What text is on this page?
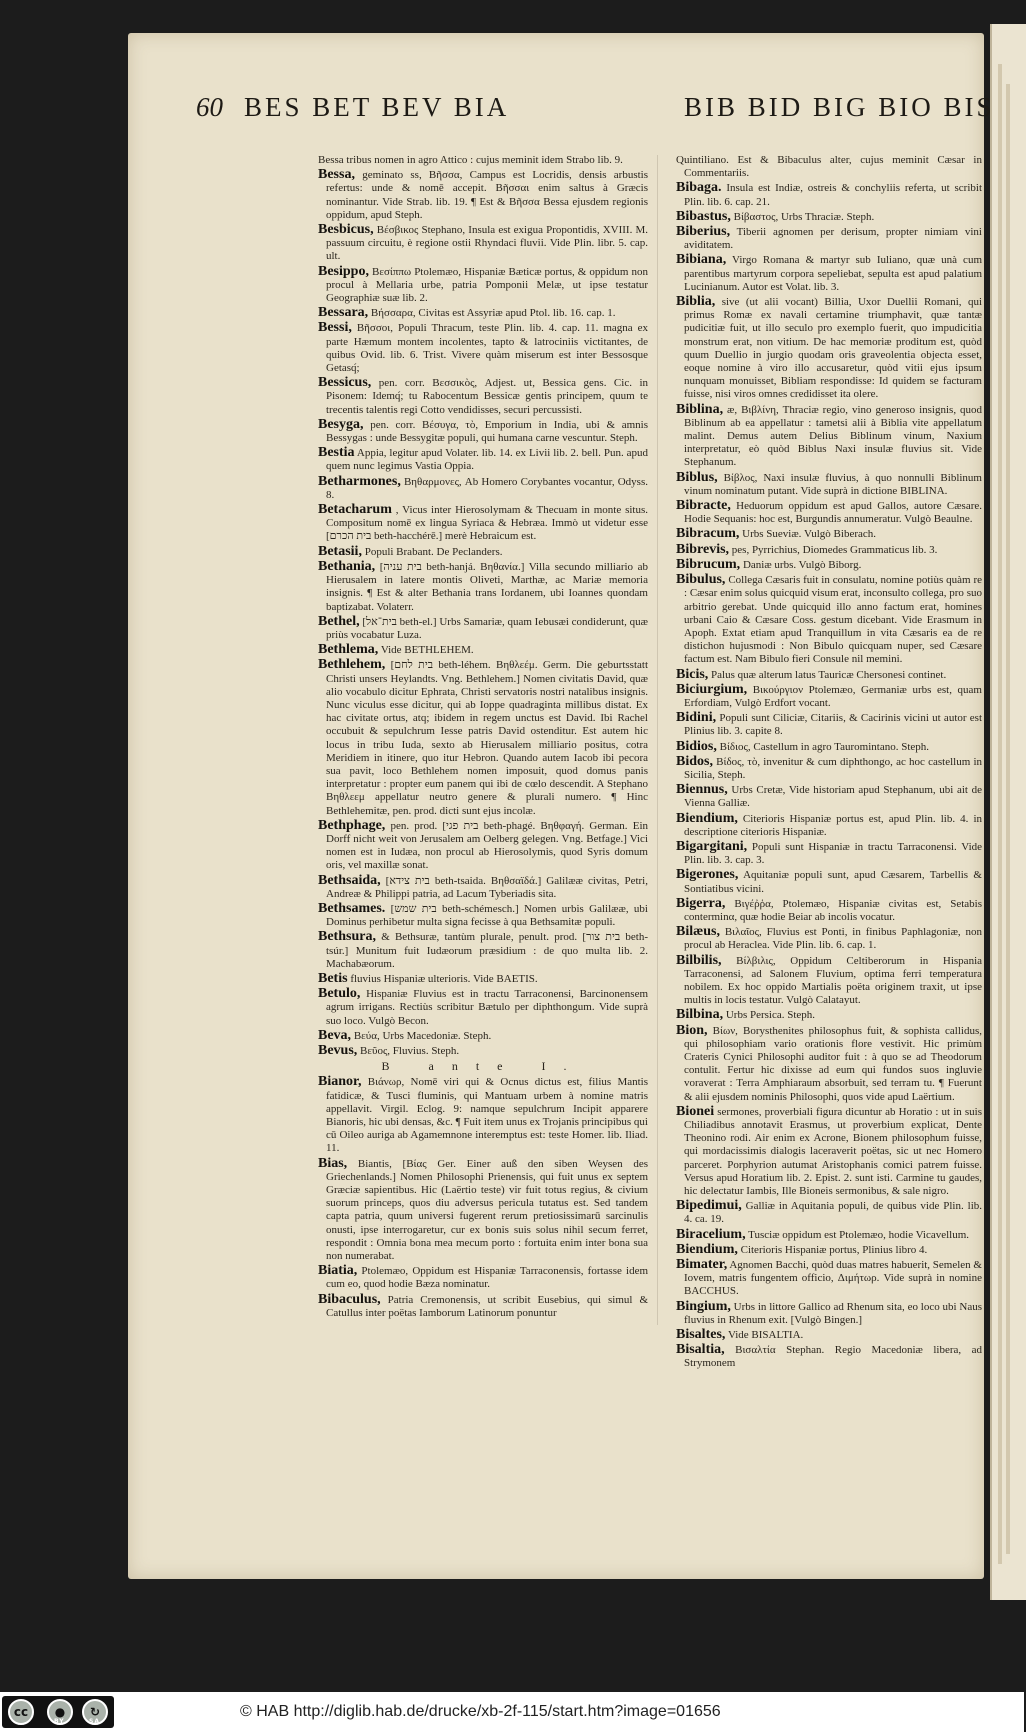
60 BES BET BEV BIA	BIB BID BIG BIO BIS

Bessa tribus nomen in agro Attico : cujus meminit idem Strabo lib. 9.

Bessa, geminato ss, Βῆσσα, Campus est Locridis, densis arbustis refertus: unde & nomē accepit. Βῆσσαι enim saltus à Græcis nominantur. Vide Strab. lib. 19. ¶ Est & Βῆσσα Bessa ejusdem regionis oppidum, apud Steph.

Besbicus, Βέσβικος Stephano, Insula est exigua Propontidis, XVIII. M. passuum circuitu, è regione ostii Rhyndaci fluvii. Vide Plin. libr. 5. cap. ult.

Besippo, Βεσίππω Ptolemæo, Hispaniæ Bæticæ portus, & oppidum non procul à Mellaria urbe, patria Pomponii Melæ, ut ipse testatur Geographiæ suæ lib. 2.

Bessara, Βήσσαρα, Civitas est Assyriæ apud Ptol. lib. 16. cap. 1.

Bessi, Βῆσσοι, Populi Thracum, teste Plin. lib. 4. cap. 11. magna ex parte Hæmum montem incolentes, tapto & latrociniis victitantes, de quibus Ovid. lib. 6. Trist. Vivere quàm miserum est inter Bessosque Getasq́;

Bessicus, pen. corr. Βεσσικὸς, Adjest. ut, Bessica gens. Cic. in Pisonem: Idemq́; tu Rabocentum Bessicæ gentis principem, quum te trecentis talentis regi Cotto vendidisses, securi percussisti.

Besyga, pen. corr. Βέσυγα, τὸ, Emporium in India, ubi & amnis Bessygas : unde Bessygitæ populi, qui humana carne vescuntur. Steph.

Bestia Appia, legitur apud Volater. lib. 14. ex Livii lib. 2. bell. Pun. apud quem nunc legimus Vastia Oppia.

Betharmones, Βηθαρμονες, Ab Homero Corybantes vocantur, Odyss. 8.

Betacharum , Vicus inter Hierosolymam & Thecuam in monte situs. Compositum nomē ex lingua Syriaca & Hebræa. Immò ut videtur esse [בית הכרם beth-hacchérē.] merè Hebraicum est.

Betasii, Populi Brabant. De Peclanders.

Bethania, [בית עניה beth-hanjá. Βηθανία.] Villa secundo milliario ab Hierusalem in latere montis Oliveti, Marthæ, ac Mariæ memoria insignis. ¶ Est & alter Bethania trans Iordanem, ubi Ioannes quondam baptizabat. Volaterr.

Bethel, [בית־אל beth-el.] Urbs Samariæ, quam Iebusæi condiderunt, quæ priùs vocabatur Luza.

Bethlema, Vide BETHLEHEM.

Bethlehem, [בית לחם beth-léhem. Βηθλεέμ. Germ. Die geburtsstatt Christi unsers Heylandts. Vng. Bethlehem.] Nomen civitatis David, quæ alio vocabulo dicitur Ephrata, Christi servatoris nostri natalibus insignis. Nunc viculus esse dicitur, qui ab Ioppe quadraginta millibus distat. Ex hac civitate ortus, atq; ibidem in regem unctus est David. Ibi Rachel occubuit & sepulchrum Iesse patris David ostenditur. Est autem hic locus in tribu Iuda, sexto ab Hierusalem milliario positus, cotra Meridiem in itinere, quo itur Hebron. Quando autem Iacob ibi pecora sua pavit, loco Bethlehem nomen imposuit, quod domus panis interpretatur : propter eum panem qui ibi de cœlo descendit. A Stephano Βηθλεεμ appellatur neutro genere & plurali numero. ¶ Hinc Bethlehemitæ, pen. prod. dicti sunt ejus incolæ.

Bethphage, pen. prod. [בית פגי beth-phagé. Βηθφαγή. German. Ein Dorff nicht weit von Jerusalem am Oelberg gelegen. Vng. Betfage.] Vici nomen est in Iudæa, non procul ab Hierosolymis, quod Syris domum oris, vel maxillæ sonat.

Bethsaida, [בית צידא beth-tsaida. Βηθσαϊδά.] Galilææ civitas, Petri, Andreæ & Philippi patria, ad Lacum Tyberiadis sita.

Bethsames. [בית שמש beth-schémesch.] Nomen urbis Galilææ, ubi Dominus perhibetur multa signa fecisse à qua Bethsamitæ populi.

Bethsura, & Bethsuræ, tantùm plurale, penult. prod. [בית צור beth-tsúr.] Munitum fuit Iudæorum præsidium : de quo multa lib. 2. Machabæorum.

Betis fluvius Hispaniæ ulterioris. Vide BAETIS.

Betulo, Hispaniæ Fluvius est in tractu Tarraconensi, Barcinonensem agrum irrigans. Rectiùs scribitur Bætulo per diphthongum. Vide suprà suo loco. Vulgò Becon.

Beva, Βεύα, Urbs Macedoniæ. Steph.

Bevus, Βεῦος, Fluvius. Steph.

B ante I.

Bianor, Βιάνωρ, Nomē viri qui & Ocnus dictus est, filius Mantis fatidicæ, & Tusci fluminis, qui Mantuam urbem à nomine matris appellavit. Virgil. Eclog. 9: namque sepulchrum Incipit apparere Bianoris, hic ubi densas, &c. ¶ Fuit item unus ex Trojanis principibus qui cū Oileo auriga ab Agamemnone interemptus est: teste Homer. lib. Iliad. 11.

Bias, Biantis, [Βίας Ger. Einer auß den siben Weysen des Griechenlands.] Nomen Philosophi Prienensis, qui fuit unus ex septem Græciæ sapientibus. Hic (Laërtio teste) vir fuit totus regius, & civium suorum princeps, quos diu adversus pericula tutatus est. Sed tandem capta patria, quum universi fugerent rerum pretiosissimarū sarcinulis onusti, ipse interrogaretur, cur ex bonis suis solus nihil secum ferret, respondit : Omnia bona mea mecum porto : fortuita enim inter bona sua non numerabat.

Biatia, Ptolemæo, Oppidum est Hispaniæ Tarraconensis, fortasse idem cum eo, quod hodie Bæza nominatur.

Bibaculus, Patria Cremonensis, ut scribit Eusebius, qui simul & Catullus inter poëtas Iamborum Latinorum ponuntur

Quintiliano. Est & Bibaculus alter, cujus meminit Cæsar in Commentariis.

Bibaga. Insula est Indiæ, ostreis & conchyliis referta, ut scribit Plin. lib. 6. cap. 21.

Bibastus, Βίβαστος, Urbs Thraciæ. Steph.

Biberius, Tiberii agnomen per derisum, propter nimiam vini aviditatem.

Bibiana, Virgo Romana & martyr sub Iuliano, quæ unà cum parentibus martyrum corpora sepeliebat, sepulta est apud palatium Lucinianum. Autor est Volat. lib. 3.

Biblia, sive (ut alii vocant) Billia, Uxor Duellii Romani, qui primus Romæ ex navali certamine triumphavit, quæ tantæ pudicitiæ fuit, ut illo seculo pro exemplo fuerit, quo impudicitia monstrum erat, non vitium. De hac memoriæ proditum est, quòd quum Duellio in jurgio quodam oris graveolentia objecta esset, eoque nomine à viro illo accusaretur, quòd vitii ejus ipsum nunquam monuisset, Bibliam respondisse: Id quidem se facturam fuisse, nisi viros omnes credidisset ita olere.

Biblina, æ, Βιβλίνη, Thraciæ regio, vino generoso insignis, quod Biblinum ab ea appellatur : tametsi alii à Biblia vite appellatum malint. Demus autem Delius Biblinum vinum, Naxium interpretatur, eò quòd Biblus Naxi insulæ fluvius sit. Vide Stephanum.

Biblus, Βίβλος, Naxi insulæ fluvius, à quo nonnulli Biblinum vinum nominatum putant. Vide suprà in dictione BIBLINA.

Bibracte, Heduorum oppidum est apud Gallos, autore Cæsare. Hodie Sequanis: hoc est, Burgundis annumeratur. Vulgò Beaulne.

Bibracum, Urbs Sueviæ. Vulgò Biberach.

Bibrevis, pes, Pyrrichius, Diomedes Grammaticus lib. 3.

Bibrucum, Daniæ urbs. Vulgò Biborg.

Bibulus, Collega Cæsaris fuit in consulatu, nomine potiùs quàm re : Cæsar enim solus quicquid visum erat, inconsulto collega, pro suo arbitrio gerebat. Unde quicquid illo anno factum erat, homines urbani Caio & Cæsare Coss. gestum dicebant. Vide Erasmum in Apoph. Extat etiam apud Tranquillum in vita Cæsaris ea de re distichon hujusmodi : Non Bibulo quicquam nuper, sed Cæsare factum est. Nam Bibulo fieri Consule nil memini.

Bicis, Palus quæ alterum latus Tauricæ Chersonesi continet.

Biciurgium, Βικούργιον Ptolemæo, Germaniæ urbs est, quam Erfordiam, Vulgò Erdfort vocant.

Bidini, Populi sunt Ciliciæ, Citariis, & Cacirinis vicini ut autor est Plinius lib. 3. capite 8.

Bidios, Βίδιος, Castellum in agro Tauromintano. Steph.

Bidos, Βίδος, τὸ, invenitur & cum diphthongo, ac hoc castellum in Sicilia, Steph.

Biennus, Urbs Cretæ, Vide historiam apud Stephanum, ubi ait de Vienna Galliæ.

Biendium, Citerioris Hispaniæ portus est, apud Plin. lib. 4. in descriptione citerioris Hispaniæ.

Bigargitani, Populi sunt Hispaniæ in tractu Tarraconensi. Vide Plin. lib. 3. cap. 3.

Bigerones, Aquitaniæ populi sunt, apud Cæsarem, Tarbellis & Sontiatibus vicini.

Bigerra, Βιγέῤῥα, Ptolemæo, Hispaniæ civitas est, Setabis conterminα, quæ hodie Beiar ab incolis vocatur.

Bilæus, Βιλαῖος, Fluvius est Ponti, in finibus Paphlagoniæ, non procul ab Heraclea. Vide Plin. lib. 6. cap. 1.

Bilbilis, Βίλβιλις, Oppidum Celtiberorum in Hispania Tarraconensi, ad Salonem Fluvium, optima ferri temperatura nobilem. Ex hoc oppido Martialis poëta originem traxit, ut ipse multis in locis testatur. Vulgò Calatayut.

Bilbina, Urbs Persica. Steph.

Bion, Βίων, Borysthenites philosophus fuit, & sophista callidus, qui philosophiam vario orationis flore vestivit. Hic primùm Crateris Cynici Philosophi auditor fuit : à quo se ad Theodorum contulit. Fertur hic dixisse ad eum qui fundos suos ingluvie voraverat : Terra Amphiaraum absorbuit, sed terram tu. ¶ Fuerunt & alii ejusdem nominis Philosophi, quos vide apud Laërtium.

Bionei sermones, proverbiali figura dicuntur ab Horatio : ut in suis Chiliadibus annotavit Erasmus, ut proverbium explicat, Dente Theonino rodi. Air enim ex Acrone, Bionem philosophum fuisse, qui mordacissimis dialogis laceraverit poëtas, sic ut nec Homero parceret. Porphyrion autumat Aristophanis comici patrem fuisse. Versus apud Horatium lib. 2. Epist. 2. sunt isti. Carmine tu gaudes, hic delectatur Iambis, Ille Bioneis sermonibus, & sale nigro.

Bipedimui, Galliæ in Aquitania populi, de quibus vide Plin. lib. 4. ca. 19.

Biracelium, Tusciæ oppidum est Ptolemæo, hodie Vicavellum.

Biendium, Citerioris Hispaniæ portus, Plinius libro 4.

Bimater, Agnomen Bacchi, quòd duas matres habuerit, Semelen & Iovem, matris fungentem officio, Διμήτωρ. Vide suprà in nomine BACCHUS.

Bingium, Urbs in littore Gallico ad Rhenum sita, eo loco ubi Naus fluvius in Rhenum exit. [Vulgò Bingen.]

Bisaltes, Vide BISALTIA.

Bisaltia, Βισαλτία Stephan. Regio Macedoniæ libera, ad Strymonem

cc	●	↻
BY	SA
© HAB http://diglib.hab.de/drucke/xb-2f-115/start.htm?image=01656
